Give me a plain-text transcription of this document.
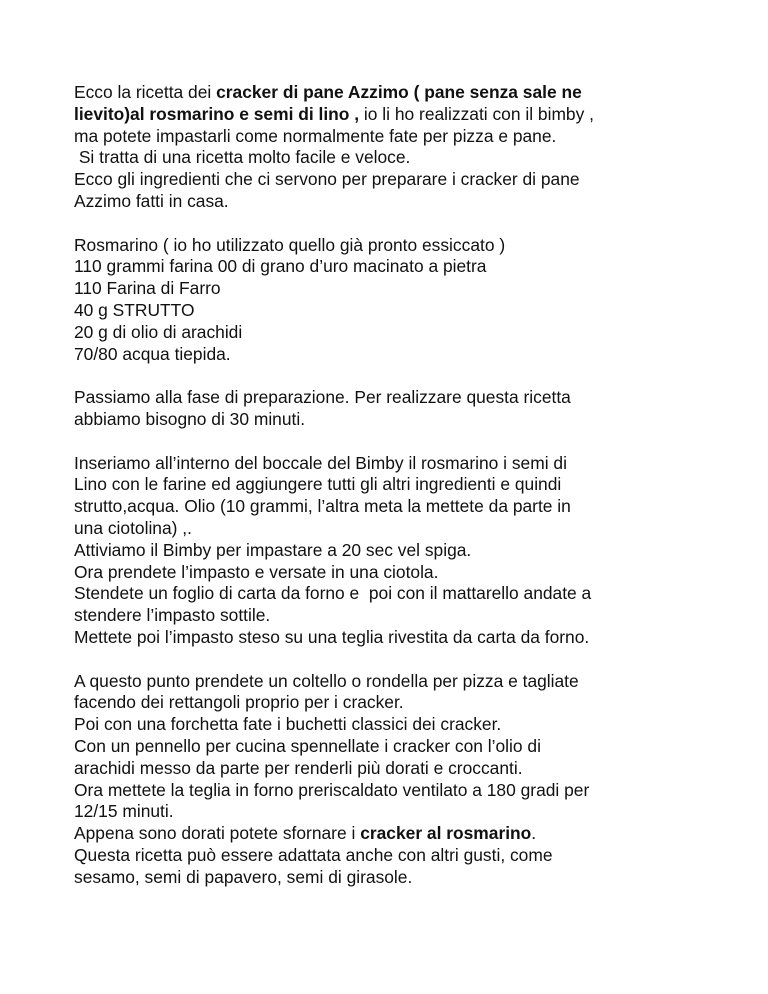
Ecco la ricetta dei cracker di pane Azzimo ( pane senza sale ne
lievito)al rosmarino e semi di lino , io li ho realizzati con il bimby ,
ma potete impastarli come normalmente fate per pizza e pane.
Si tratta di una ricetta molto facile e veloce.
Ecco gli ingredienti che ci servono per preparare i cracker di pane
Azzimo fatti in casa.
Rosmarino ( io ho utilizzato quello già pronto essiccato )
110 grammi farina 00 di grano d’uro macinato a pietra
110 Farina di Farro
40 g STRUTTO
20 g di olio di arachidi
70/80 acqua tiepida.
Passiamo alla fase di preparazione. Per realizzare questa ricetta
abbiamo bisogno di 30 minuti.
Inseriamo all’interno del boccale del Bimby il rosmarino i semi di
Lino con le farine ed aggiungere tutti gli altri ingredienti e quindi
strutto,acqua. Olio (10 grammi, l’altra meta la mettete da parte in
una ciotolina) ,.
Attiviamo il Bimby per impastare a 20 sec vel spiga.
Ora prendete l’impasto e versate in una ciotola.
Stendete un foglio di carta da forno e  poi con il mattarello andate a
stendere l’impasto sottile.
Mettete poi l’impasto steso su una teglia rivestita da carta da forno.
A questo punto prendete un coltello o rondella per pizza e tagliate
facendo dei rettangoli proprio per i cracker.
Poi con una forchetta fate i buchetti classici dei cracker.
Con un pennello per cucina spennellate i cracker con l’olio di
arachidi messo da parte per renderli più dorati e croccanti.
Ora mettete la teglia in forno preriscaldato ventilato a 180 gradi per
12/15 minuti.
Appena sono dorati potete sfornare i cracker al rosmarino.
Questa ricetta può essere adattata anche con altri gusti, come
sesamo, semi di papavero, semi di girasole.
